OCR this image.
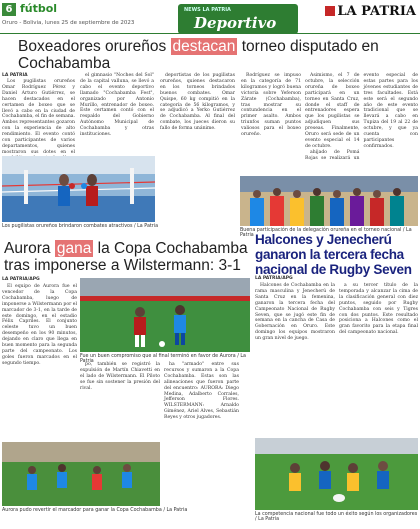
6 fútbol
Oruro - Bolivia, lunes 25 de septiembre de 2023
NEWS LA PATRIA
Deportivo
LA PATRIA
Boxeadores orureños destacan torneo disputado en Cochabamba
LA PATRIA

Los pugilistas orureños Omar Rodríguez Pérez y Daniel Arturo Gutiérrez, se hacen destacados en el certamen de boxeo que se llevó a cabo en la ciudad de Cochabamba, el fin de semana. Ambos representantes gozaron con la experiencia de alto rendimiento. El evento contó con participantes de varios departamentos, quienes mostraron sus dotes en el

el gimnasio "Noches del Sol" de la capital valluna, se llevó a cabo el evento deportivo llamado "Cochabamba Fest", organizado por Antonio Murillo, entrenador de boxeo. Este certamen contó con el respaldo del Gobierno Autónomo Municipal de Cochabamba y otras instituciones.

deportistas de los pugilistas orureños, quienes destacaron en los torneos brindados buenos combates. Omar Quispe, 60 kg compitió en la categoría de 56 kilogramos, y se adjudicó a Yerko Gutiérrez de Cochabamba. Al final del combate, los jueces dieron su fallo de forma unánime.

Rodríguez se impuso en la categoría de 71 kilogramos y logró buena victoria sobre Yeferson Zárate (Cochabamba), tras mostrar su contundencia en el primer asalto. Ambos triunfos suman puntos valiosos para el boxeo orureño.

Los pugilistas orureños brindaron combates atractivos / La Patria
Buena participación de la delegación orureña en el torneo nacional / La Patria
Aurora gana la Copa Cochabamba tras imponerse a Wilstermann: 3-1
LA PATRIA/APG

El equipo de Aurora fue el vencedor de la Copa Cochabamba, luego de imponerse a Wilstermann por el marcador de 3-1, en la tarde de este domingo, en el estadio Félix Capriles. El conjunto celeste tuvo un buen desempeño en los 90 minutos, dejando en claro que llega en buen momento para la segunda parte del campeonato. Los goles fueron marcados en el segundo tiempo.

Fue un buen compromiso que al final terminó en favor de Aurora / La Patria

po, también se registró la expulsión de Martín Chiavetti en el lado de Wilstermann. El Piloto se fue sin sostener la presión del rival.

ha "armado" entre sus recursos y sumaron a la Copa Cochabamba. Estas son las alineaciones que fueron parte del encuentro: AURORA: Diego Medina, Adalberto Corrales, Jefferson Flores. WILSTERMANN: Arnaldo Giménez, Ariel Alves, Sebastián Reyes y otros jugadores.

Aurora pudo revertir el marcador para ganar la Copa Cochabamba / La Patria
Halcones y Jenecherú ganaron la tercera fecha nacional de Rugby Seven
LA PATRIA/APG

Halcones de Cochabamba en la rama masculina y Jenecherú de Santa Cruz en la femenina, ganaron la tercera fecha del Campeonato Nacional de Rugby Seven, que se jugó este fin de semana en la cancha de Casa de Gobernación en Oruro. Este domingo los equipos mostraron un gran nivel de juego.

a su tercer título de la temporada y alcanzar la cima de la clasificación general con diez puntos, seguido por Rugby Cochabamba con seis y Tigres con dos puntos. Este resultado posiciona a Halcones como el gran favorito para la etapa final del campeonato nacional.

La competencia nacional fue todo un éxito según los organizadores / La Patria

Asimismo, el 7 de octubre, la selección orureña de boxeo participará en un torneo en Santa Cruz, donde el staff de entrenadores espera que los pugilistas se adjudiquen sus preseas. Finalmente, Oruro será sede de un evento especial el 14 de octubre.

ahijado de Pomá Rojas se realizará un evento especial de estas partes para los jóvenes estudiantes de tres facultades. Está este será el segundo año de este evento tradicional que se llevará a cabo en Tupiza del 19 al 22 de octubre, y que ya cuenta con participantes confirmados.
